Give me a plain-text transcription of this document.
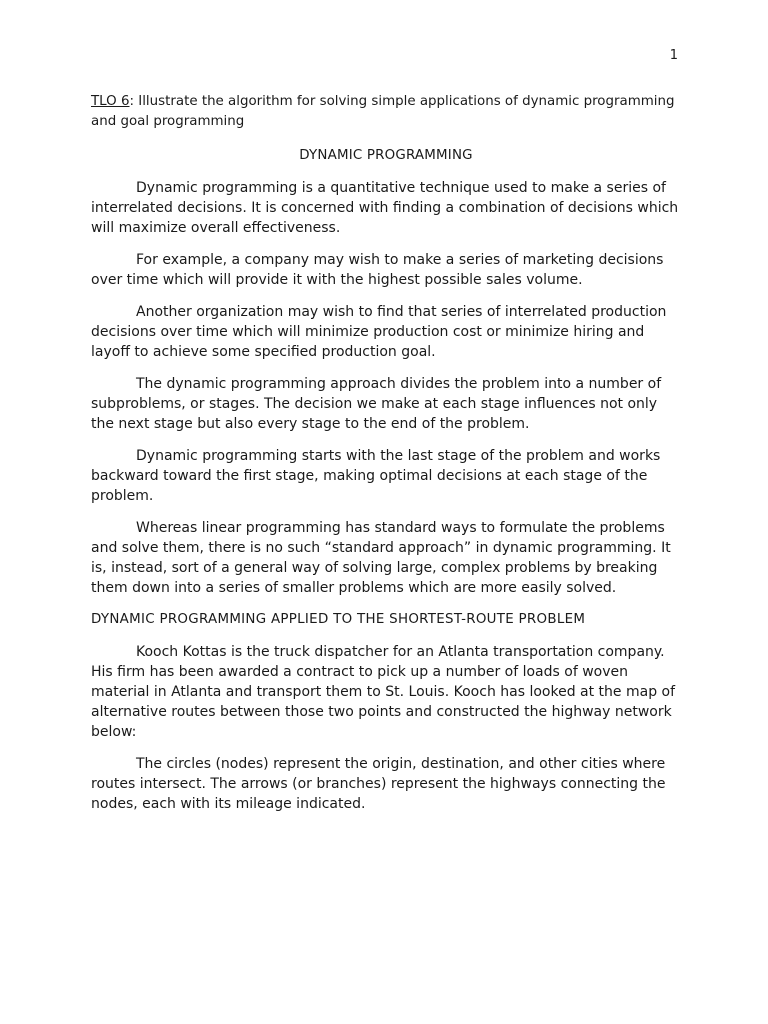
1

TLO 6: Illustrate the algorithm for solving simple applications of dynamic programming and goal programming

DYNAMIC PROGRAMMING

Dynamic programming is a quantitative technique used to make a series of interrelated decisions. It is concerned with finding a combination of decisions which will maximize overall effectiveness.

For example, a company may wish to make a series of marketing decisions over time which will provide it with the highest possible sales volume.

Another organization may wish to find that series of interrelated production decisions over time which will minimize production cost or minimize hiring and layoff to achieve some specified production goal.

The dynamic programming approach divides the problem into a number of subproblems, or stages. The decision we make at each stage influences not only the next stage but also every stage to the end of the problem.

Dynamic programming starts with the last stage of the problem and works backward toward the first stage, making optimal decisions at each stage of the problem.

Whereas linear programming has standard ways to formulate the problems and solve them, there is no such “standard approach” in dynamic programming. It is, instead, sort of a general way of solving large, complex problems by breaking them down into a series of smaller problems which are more easily solved.

DYNAMIC PROGRAMMING APPLIED TO THE SHORTEST-ROUTE PROBLEM

Kooch Kottas is the truck dispatcher for an Atlanta transportation company. His firm has been awarded a contract to pick up a number of loads of woven material in Atlanta and transport them to St. Louis. Kooch has looked at the map of alternative routes between those two points and constructed the highway network below:

The circles (nodes) represent the origin, destination, and other cities where routes intersect. The arrows (or branches) represent the highways connecting the nodes, each with its mileage indicated.
